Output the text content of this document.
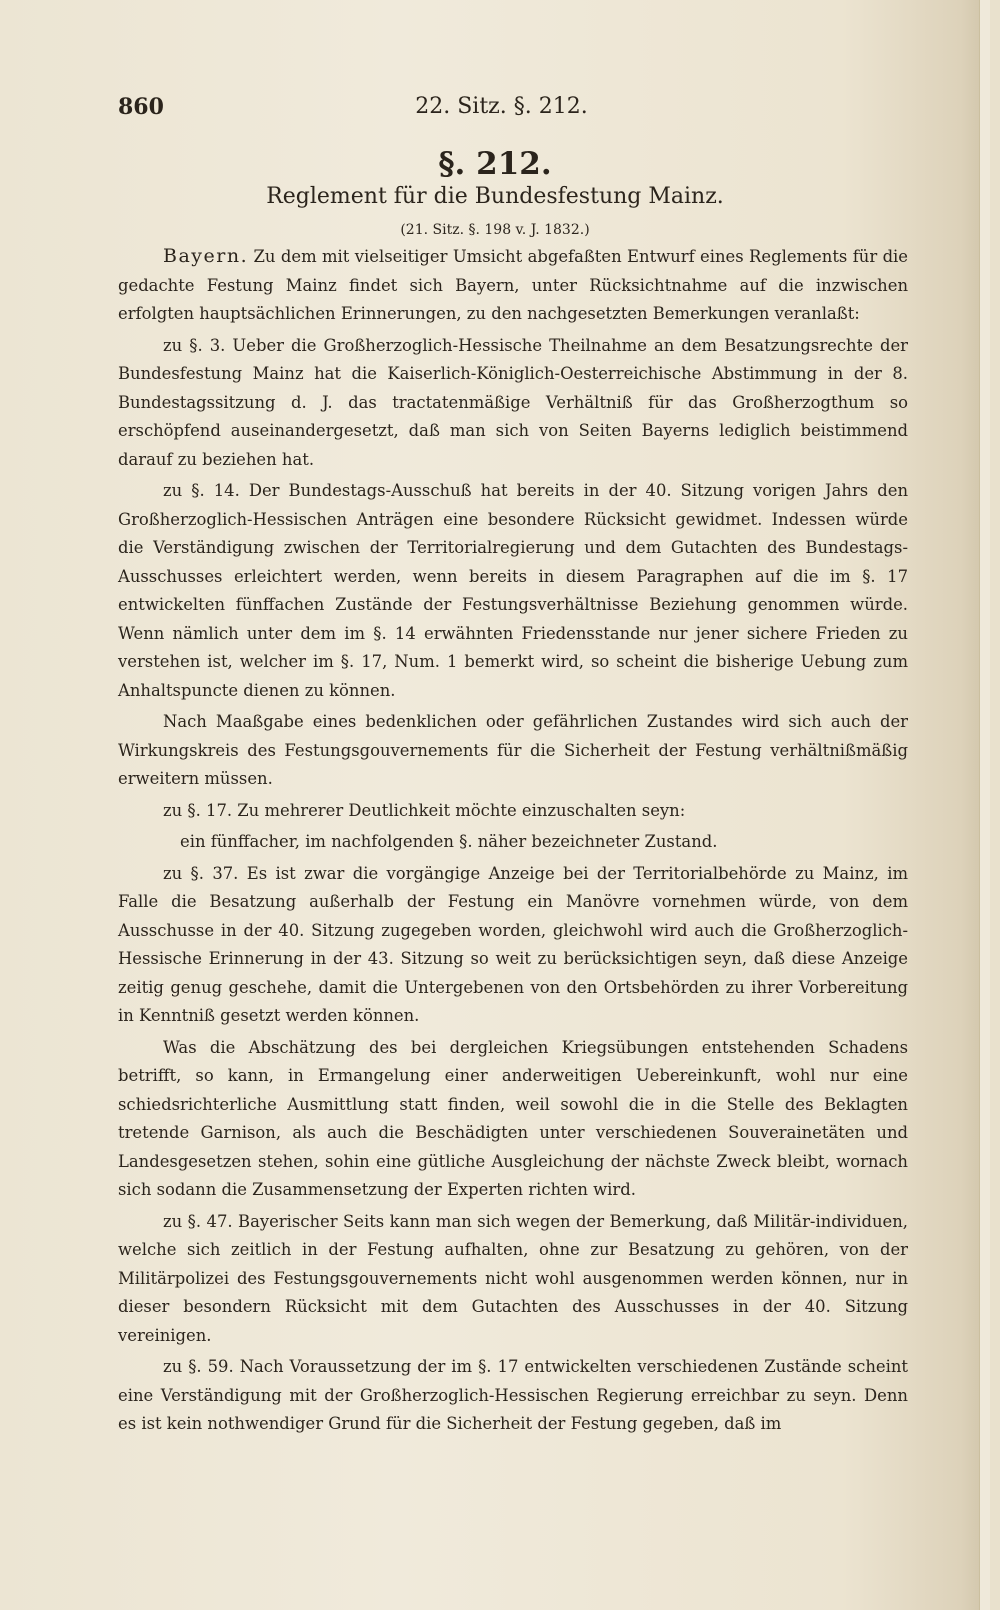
860	22. Sitz. §. 212.
§. 212.
Reglement für die Bundesfestung Mainz.
(21. Sitz. §. 198 v. J. 1832.)

Bayern. Zu dem mit vielseitiger Umsicht abgefaßten Entwurf eines Reglements für die gedachte Festung Mainz findet sich Bayern, unter Rücksichtnahme auf die inzwischen erfolgten hauptsächlichen Erinnerungen, zu den nachgesetzten Bemerkungen veranlaßt:

zu §. 3. Ueber die Großherzoglich-Hessische Theilnahme an dem Besatzungsrechte der Bundesfestung Mainz hat die Kaiserlich-Königlich-Oesterreichische Abstimmung in der 8. Bundestagssitzung d. J. das tractatenmäßige Verhältniß für das Großherzogthum so erschöpfend auseinandergesetzt, daß man sich von Seiten Bayerns lediglich beistimmend darauf zu beziehen hat.

zu §. 14. Der Bundestags-Ausschuß hat bereits in der 40. Sitzung vorigen Jahrs den Großherzoglich-Hessischen Anträgen eine besondere Rücksicht gewidmet. Indessen würde die Verständigung zwischen der Territorialregierung und dem Gutachten des Bundestags-Ausschusses erleichtert werden, wenn bereits in diesem Paragraphen auf die im §. 17 entwickelten fünffachen Zustände der Festungsverhältnisse Beziehung genommen würde. Wenn nämlich unter dem im §. 14 erwähnten Friedensstande nur jener sichere Frieden zu verstehen ist, welcher im §. 17, Num. 1 bemerkt wird, so scheint die bisherige Uebung zum Anhaltspuncte dienen zu können.

Nach Maaßgabe eines bedenklichen oder gefährlichen Zustandes wird sich auch der Wirkungskreis des Festungsgouvernements für die Sicherheit der Festung verhältnißmäßig erweitern müssen.

zu §. 17. Zu mehrerer Deutlichkeit möchte einzuschalten seyn:

ein fünffacher, im nachfolgenden §. näher bezeichneter Zustand.

zu §. 37. Es ist zwar die vorgängige Anzeige bei der Territorialbehörde zu Mainz, im Falle die Besatzung außerhalb der Festung ein Manövre vornehmen würde, von dem Ausschusse in der 40. Sitzung zugegeben worden, gleichwohl wird auch die Großherzoglich-Hessische Erinnerung in der 43. Sitzung so weit zu berücksichtigen seyn, daß diese Anzeige zeitig genug geschehe, damit die Untergebenen von den Ortsbehörden zu ihrer Vorbereitung in Kenntniß gesetzt werden können.

Was die Abschätzung des bei dergleichen Kriegsübungen entstehenden Schadens betrifft, so kann, in Ermangelung einer anderweitigen Uebereinkunft, wohl nur eine schiedsrichterliche Ausmittlung statt finden, weil sowohl die in die Stelle des Beklagten tretende Garnison, als auch die Beschädigten unter verschiedenen Souverainetäten und Landesgesetzen stehen, sohin eine gütliche Ausgleichung der nächste Zweck bleibt, wornach sich sodann die Zusammensetzung der Experten richten wird.

zu §. 47. Bayerischer Seits kann man sich wegen der Bemerkung, daß Militär-individuen, welche sich zeitlich in der Festung aufhalten, ohne zur Besatzung zu gehören, von der Militärpolizei des Festungsgouvernements nicht wohl ausgenommen werden können, nur in dieser besondern Rücksicht mit dem Gutachten des Ausschusses in der 40. Sitzung vereinigen.

zu §. 59. Nach Voraussetzung der im §. 17 entwickelten verschiedenen Zustände scheint eine Verständigung mit der Großherzoglich-Hessischen Regierung erreichbar zu seyn. Denn es ist kein nothwendiger Grund für die Sicherheit der Festung gegeben, daß im
